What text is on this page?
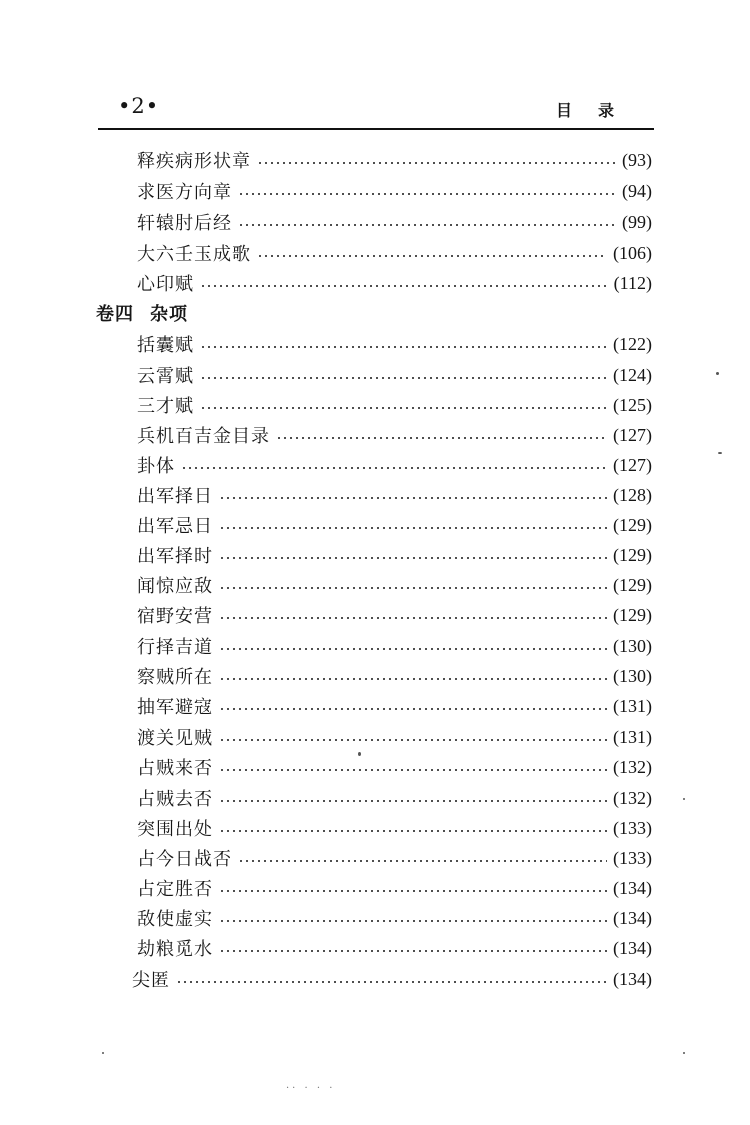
•2•	目录
释疾病形状章	(93)
求医方向章	(94)
轩辕肘后经	(99)
大六壬玉成歌	(106)
心印赋	(112)
卷四 杂项
括囊赋	(122)
云霄赋	(124)
三才赋	(125)
兵机百吉金目录	(127)
卦体	(127)
出军择日	(128)
出军忌日	(129)
出军择时	(129)
闻惊应敌	(129)
宿野安营	(129)
行择吉道	(130)
察贼所在	(130)
抽军避寇	(131)
渡关见贼	(131)
占贼来否	(132)
占贼去否	(132)
突围出处	(133)
占今日战否	(133)
占定胜否	(134)
敌使虚实	(134)
劫粮觅水	(134)
尖匿	(134)
·· · · ·
